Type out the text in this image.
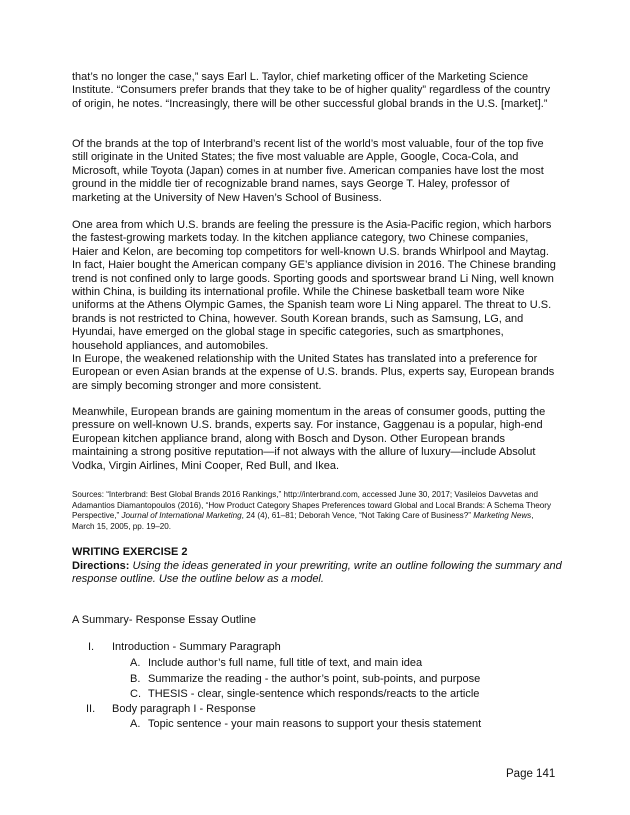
that’s no longer the case,” says Earl L. Taylor, chief marketing officer of the Marketing Science Institute. “Consumers prefer brands that they take to be of higher quality” regardless of the country of origin, he notes. “Increasingly, there will be other successful global brands in the U.S. [market].”

Of the brands at the top of Interbrand’s recent list of the world’s most valuable, four of the top five still originate in the United States; the five most valuable are Apple, Google, Coca-Cola, and Microsoft, while Toyota (Japan) comes in at number five. American companies have lost the most ground in the middle tier of recognizable brand names, says George T. Haley, professor of marketing at the University of New Haven’s School of Business.

One area from which U.S. brands are feeling the pressure is the Asia-Pacific region, which harbors the fastest-growing markets today. In the kitchen appliance category, two Chinese companies, Haier and Kelon, are becoming top competitors for well-known U.S. brands Whirlpool and Maytag. In fact, Haier bought the American company GE’s appliance division in 2016. The Chinese branding trend is not confined only to large goods. Sporting goods and sportswear brand Li Ning, well known within China, is building its international profile. While the Chinese basketball team wore Nike uniforms at the Athens Olympic Games, the Spanish team wore Li Ning apparel. The threat to U.S. brands is not restricted to China, however. South Korean brands, such as Samsung, LG, and Hyundai, have emerged on the global stage in specific categories, such as smartphones, household appliances, and automobiles.

In Europe, the weakened relationship with the United States has translated into a preference for European or even Asian brands at the expense of U.S. brands. Plus, experts say, European brands are simply becoming stronger and more consistent.

Meanwhile, European brands are gaining momentum in the areas of consumer goods, putting the pressure on well-known U.S. brands, experts say. For instance, Gaggenau is a popular, high-end European kitchen appliance brand, along with Bosch and Dyson. Other European brands maintaining a strong positive reputation—if not always with the allure of luxury—include Absolut Vodka, Virgin Airlines, Mini Cooper, Red Bull, and Ikea.

Sources: “Interbrand: Best Global Brands 2016 Rankings,” http://interbrand.com, accessed June 30, 2017; Vasileios Davvetas and Adamantios Diamantopoulos (2016), “How Product Category Shapes Preferences toward Global and Local Brands: A Schema Theory Perspective,” Journal of International Marketing, 24 (4), 61–81; Deborah Vence, “Not Taking Care of Business?” Marketing News, March 15, 2005, pp. 19–20.

WRITING EXERCISE 2

Directions: Using the ideas generated in your prewriting, write an outline following the summary and response outline. Use the outline below as a model.

A Summary- Response Essay Outline

I. Introduction - Summary Paragraph

A. Include author’s full name, full title of text, and main idea

B. Summarize the reading - the author’s point, sub-points, and purpose

C. THESIS - clear, single-sentence which responds/reacts to the article

II. Body paragraph I - Response

A. Topic sentence - your main reasons to support your thesis statement

Page 141
